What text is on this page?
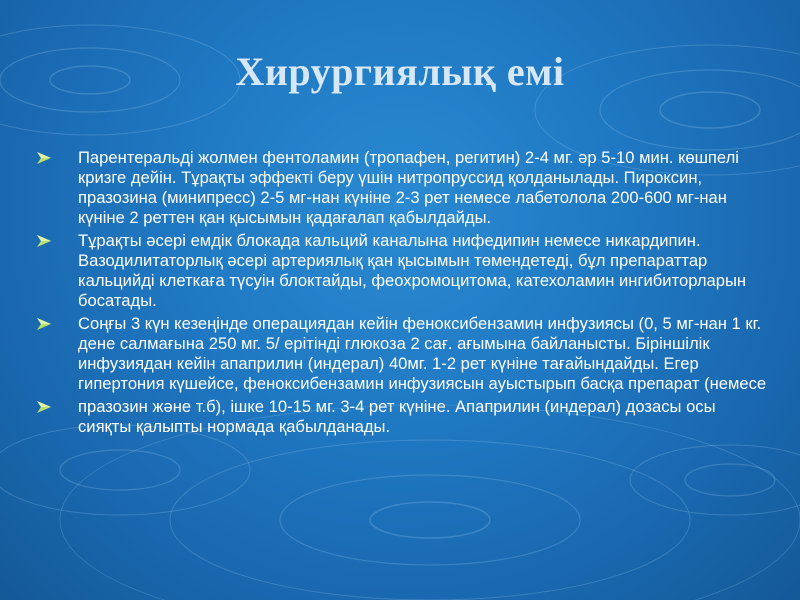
Хирургиялық емі
Парентеральді жолмен фентоламин (тропафен, регитин) 2-4 мг. әр 5-10 мин. көшпелі кризге дейін. Тұрақты эффекті беру үшін нитропруссид қолданылады. Пироксин, празозина (минипресс) 2-5 мг-нан күніне 2-3 рет немесе лабетолола 200-600 мг-нан күніне 2 реттен қан қысымын қадағалап қабылдайды.
Тұрақты әсері емдік блокада кальций каналына нифедипин немесе никардипин. Вазодилитаторлық әсері артериялық қан қысымын төмендетеді, бұл препараттар кальцийді клеткаға түсуін блоктайды, феохромоцитома, катехоламин ингибиторларын босатады.
Соңғы 3 күн кезеңінде операциядан кейін феноксибензамин инфузиясы (0, 5 мг-нан 1 кг. дене салмағына 250 мг. 5/ ерітінді глюкоза 2 сағ. ағымына байланысты. Біріншілік инфузиядан кейін апаприлин (индерал) 40мг. 1-2 рет күніне тағайындайды. Егер гипертония күшейсе, феноксибензамин инфузиясын ауыстырып басқа препарат (немесе
празозин және т.б), ішке 10-15 мг. 3-4 рет күніне. Апаприлин (индерал) дозасы осы сияқты қалыпты нормада қабылданады.
